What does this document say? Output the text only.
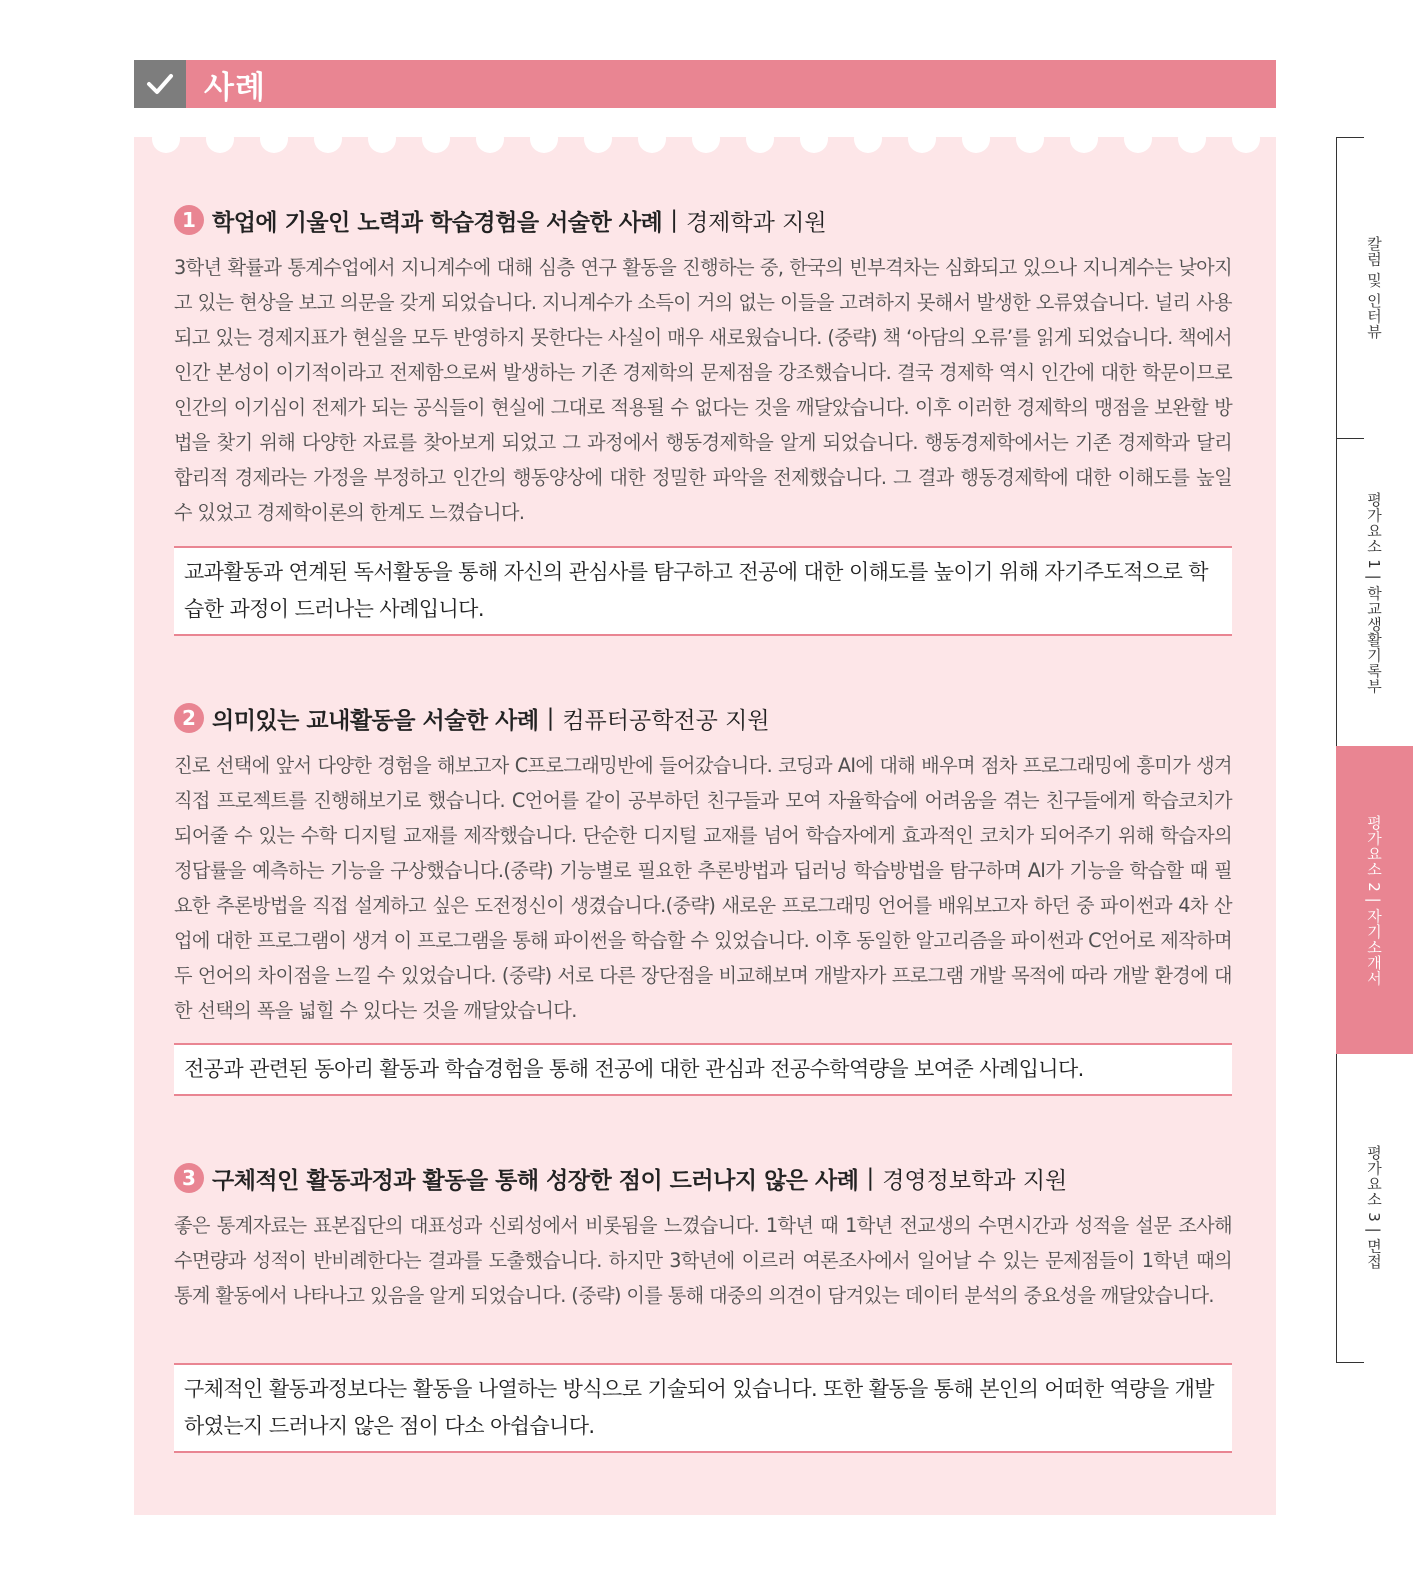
사례
1 학업에 기울인 노력과 학습경험을 서술한 사례 | 경제학과 지원

3학년 확률과 통계수업에서 지니계수에 대해 심층 연구 활동을 진행하는 중, 한국의 빈부격차는 심화되고 있으나 지니계수는 낮아지고 있는 현상을 보고 의문을 갖게 되었습니다. 지니계수가 소득이 거의 없는 이들을 고려하지 못해서 발생한 오류였습니다. 널리 사용되고 있는 경제지표가 현실을 모두 반영하지 못한다는 사실이 매우 새로웠습니다. (중략) 책 ‘아담의 오류’를 읽게 되었습니다. 책에서 인간 본성이 이기적이라고 전제함으로써 발생하는 기존 경제학의 문제점을 강조했습니다. 결국 경제학 역시 인간에 대한 학문이므로 인간의 이기심이 전제가 되는 공식들이 현실에 그대로 적용될 수 없다는 것을 깨달았습니다. 이후 이러한 경제학의 맹점을 보완할 방법을 찾기 위해 다양한 자료를 찾아보게 되었고 그 과정에서 행동경제학을 알게 되었습니다. 행동경제학에서는 기존 경제학과 달리 합리적 경제라는 가정을 부정하고 인간의 행동양상에 대한 정밀한 파악을 전제했습니다. 그 결과 행동경제학에 대한 이해도를 높일 수 있었고 경제학이론의 한계도 느꼈습니다.

교과활동과 연계된 독서활동을 통해 자신의 관심사를 탐구하고 전공에 대한 이해도를 높이기 위해 자기주도적으로 학습한 과정이 드러나는 사례입니다.
2 의미있는 교내활동을 서술한 사례 | 컴퓨터공학전공 지원

진로 선택에 앞서 다양한 경험을 해보고자 C프로그래밍반에 들어갔습니다. 코딩과 AI에 대해 배우며 점차 프로그래밍에 흥미가 생겨 직접 프로젝트를 진행해보기로 했습니다. C언어를 같이 공부하던 친구들과 모여 자율학습에 어려움을 겪는 친구들에게 학습코치가 되어줄 수 있는 수학 디지털 교재를 제작했습니다. 단순한 디지털 교재를 넘어 학습자에게 효과적인 코치가 되어주기 위해 학습자의 정답률을 예측하는 기능을 구상했습니다.(중략) 기능별로 필요한 추론방법과 딥러닝 학습방법을 탐구하며 AI가 기능을 학습할 때 필요한 추론방법을 직접 설계하고 싶은 도전정신이 생겼습니다.(중략) 새로운 프로그래밍 언어를 배워보고자 하던 중 파이썬과 4차 산업에 대한 프로그램이 생겨 이 프로그램을 통해 파이썬을 학습할 수 있었습니다. 이후 동일한 알고리즘을 파이썬과 C언어로 제작하며 두 언어의 차이점을 느낄 수 있었습니다. (중략) 서로 다른 장단점을 비교해보며 개발자가 프로그램 개발 목적에 따라 개발 환경에 대한 선택의 폭을 넓힐 수 있다는 것을 깨달았습니다.

전공과 관련된 동아리 활동과 학습경험을 통해 전공에 대한 관심과 전공수학역량을 보여준 사례입니다.
3 구체적인 활동과정과 활동을 통해 성장한 점이 드러나지 않은 사례 | 경영정보학과 지원

좋은 통계자료는 표본집단의 대표성과 신뢰성에서 비롯됨을 느꼈습니다. 1학년 때 1학년 전교생의 수면시간과 성적을 설문 조사해 수면량과 성적이 반비례한다는 결과를 도출했습니다. 하지만 3학년에 이르러 여론조사에서 일어날 수 있는 문제점들이 1학년 때의 통계 활동에서 나타나고 있음을 알게 되었습니다. (중략) 이를 통해 대중의 의견이 담겨있는 데이터 분석의 중요성을 깨달았습니다.

구체적인 활동과정보다는 활동을 나열하는 방식으로 기술되어 있습니다. 또한 활동을 통해 본인의 어떠한 역량을 개발하였는지 드러나지 않은 점이 다소 아쉽습니다.
칼럼 및 인터뷰
평가요소 1 | 학교생활기록부
평가요소 2 | 자기소개서
평가요소 3 | 면접
